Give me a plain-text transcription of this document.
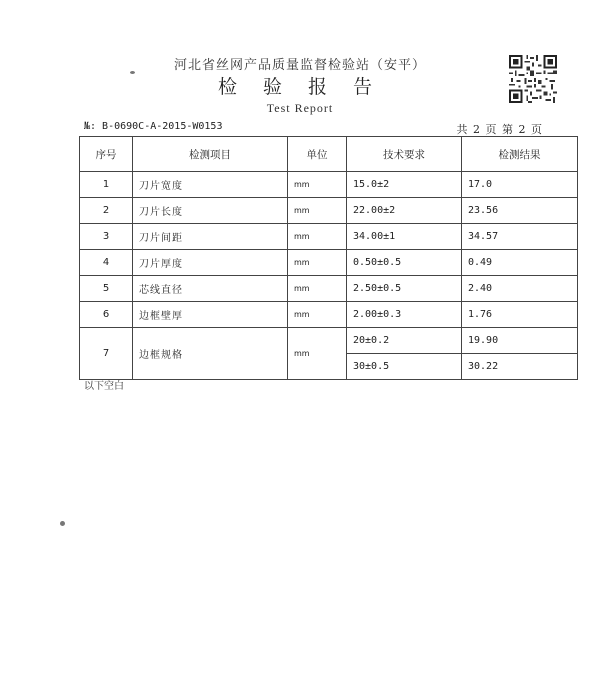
河北省丝网产品质量监督检验站（安平）
检 验 报 告
Test Report
№: B-0690C-A-2015-W0153	共 2 页 第 2 页
序号	检测项目	单位	技术要求	检测结果
1	刀片宽度	mm	15.0±2	17.0
2	刀片长度	mm	22.00±2	23.56
3	刀片间距	mm	34.00±1	34.57
4	刀片厚度	mm	0.50±0.5	0.49
5	芯线直径	mm	2.50±0.5	2.40
6	边框壁厚	mm	2.00±0.3	1.76
7	边框规格	mm	20±0.2	19.90
			30±0.5	30.22
以下空白
